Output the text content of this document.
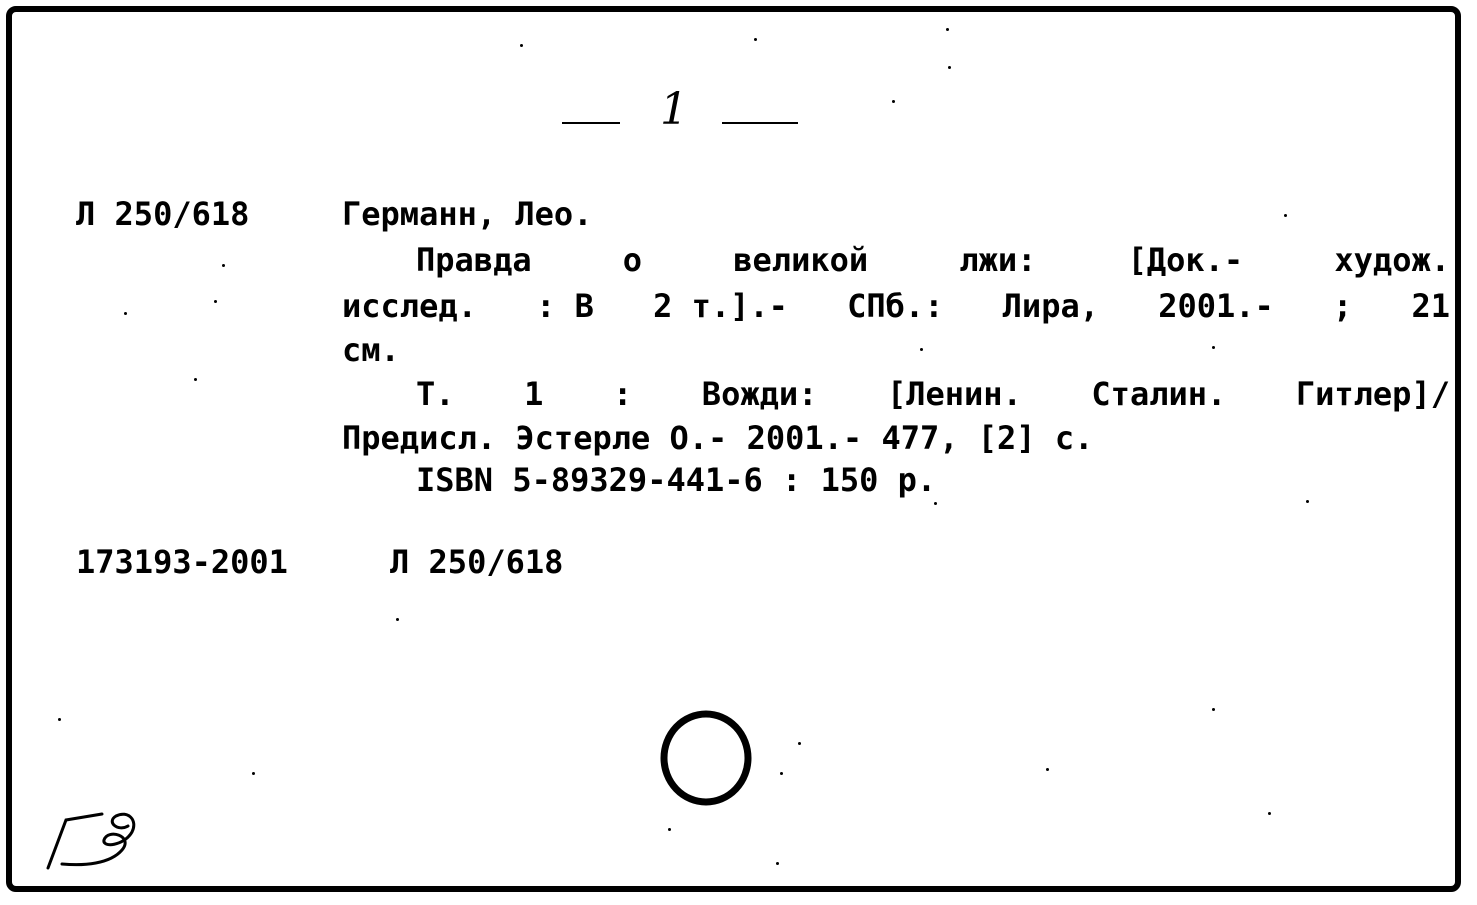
1
Л 250/618	Германн, Лео.
Правда	о	великой	лжи:	[Док.-	худож.
исслед. : В 2 т.].- СПб.: Лира, 2001.- ; 21
см.
Т. 1 : Вожди: [Ленин. Сталин. Гитлер]/
Предисл. Эстерле О.- 2001.- 477, [2] с.
ISBN 5-89329-441-6 : 150 р.
173193-2001	Л 250/618
ГВ
